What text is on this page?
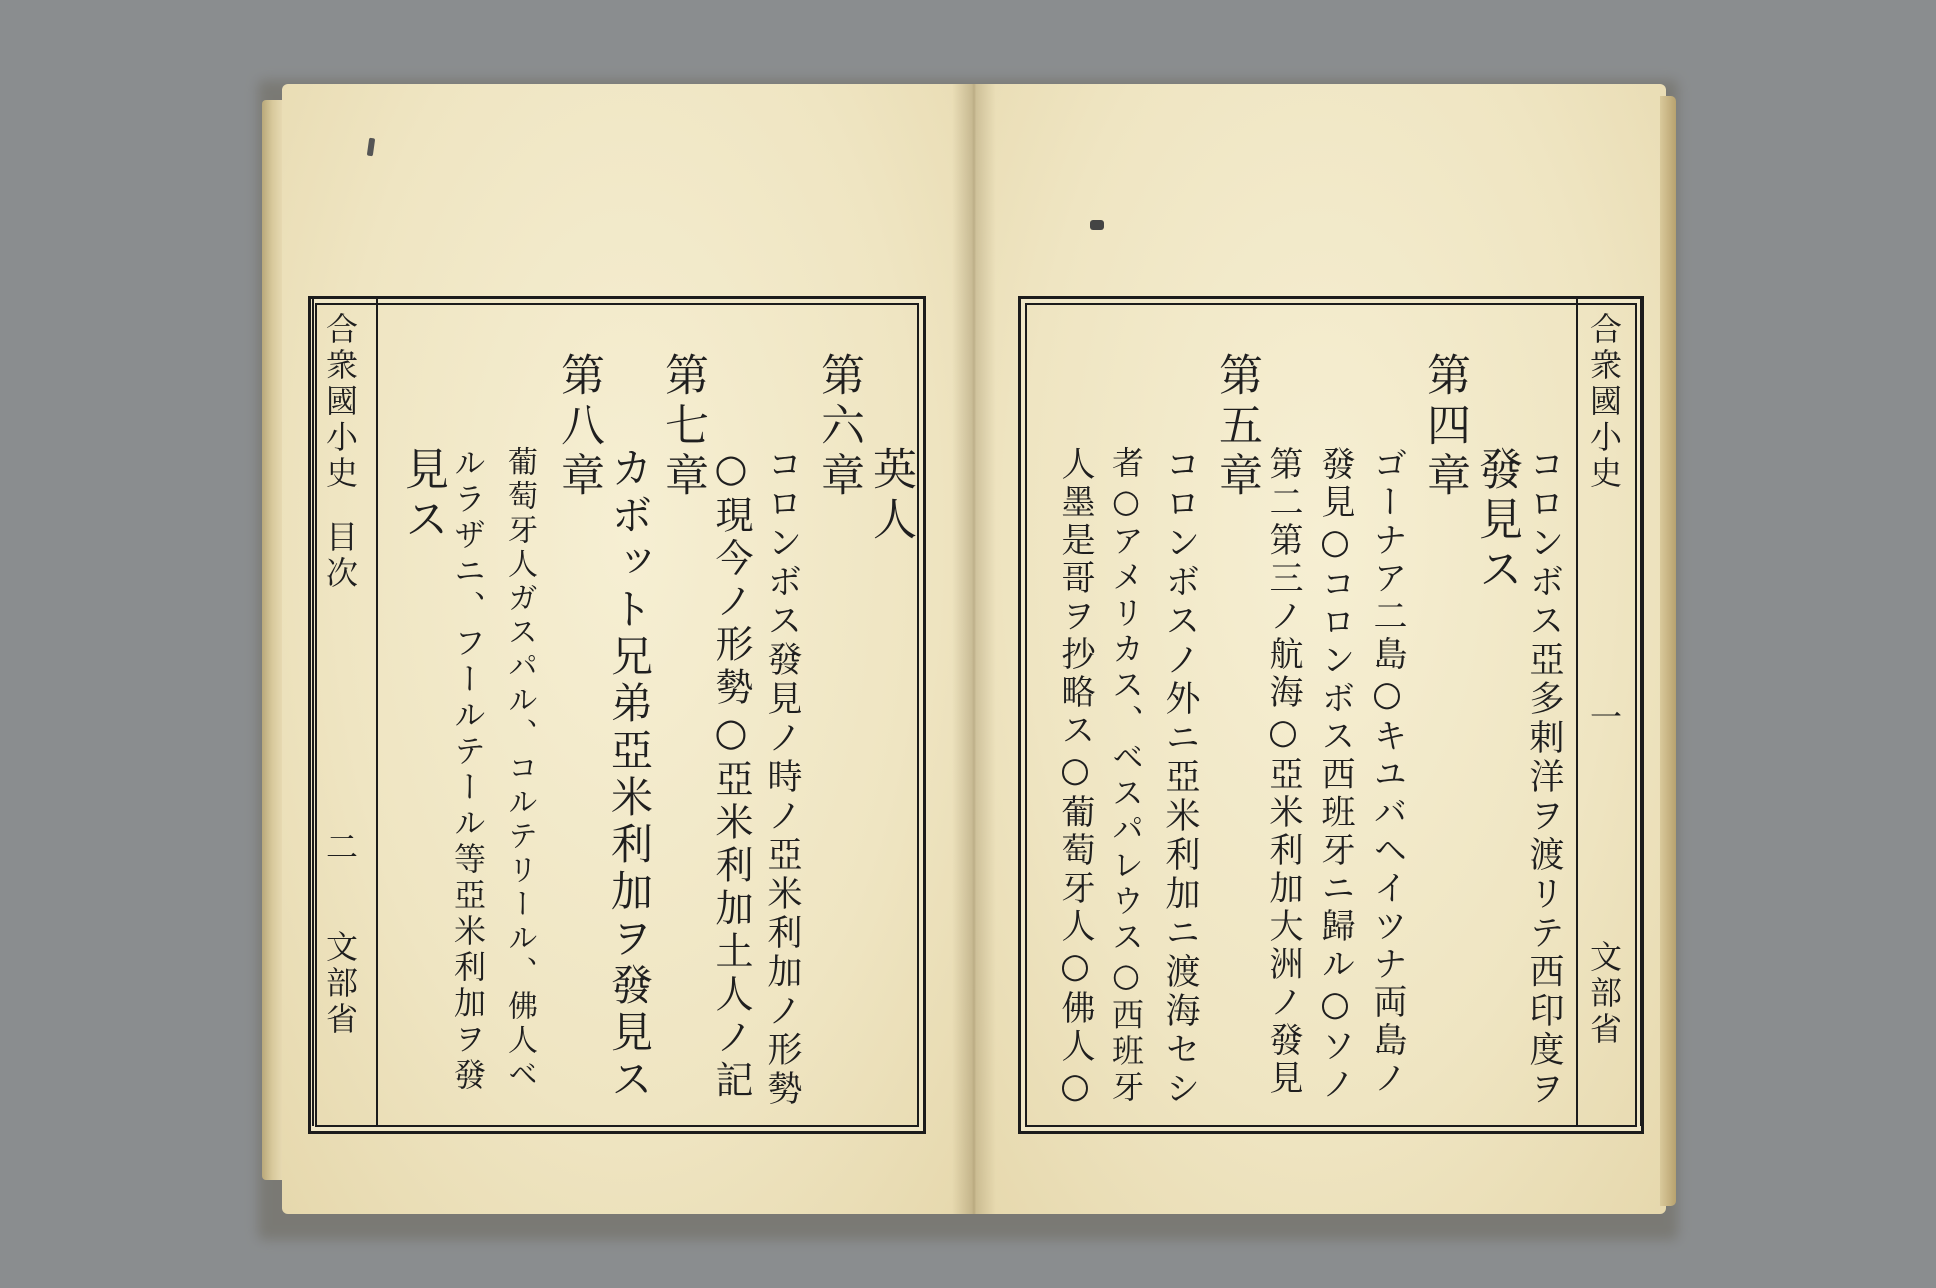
合衆國小史
目次
二
文部省
英人
第六章
コロンボス發見ノ時ノ亞米利加ノ形勢
○現今ノ形勢○亞米利加土人ノ記
第七章
カボット兄弟亞米利加ヲ發見ス
第八章
葡萄牙人ガスパル、コルテリール、佛人ベ
ルラザニ、フールテール等亞米利加ヲ發
見ス
合衆國小史
一
文部省
コロンボス亞多剌洋ヲ渡リテ西印度ヲ
發見ス
第四章
ゴーナア二島○キユバヘイツナ両島ノ
發見○コロンボス西班牙ニ歸ル○ソノ
第二第三ノ航海○亞米利加大洲ノ發見
第五章
コロンボスノ外ニ亞米利加ニ渡海セシ
者○アメリカス、ベスパレウス○西班牙
人墨是哥ヲ抄略ス○葡萄牙人○佛人○
